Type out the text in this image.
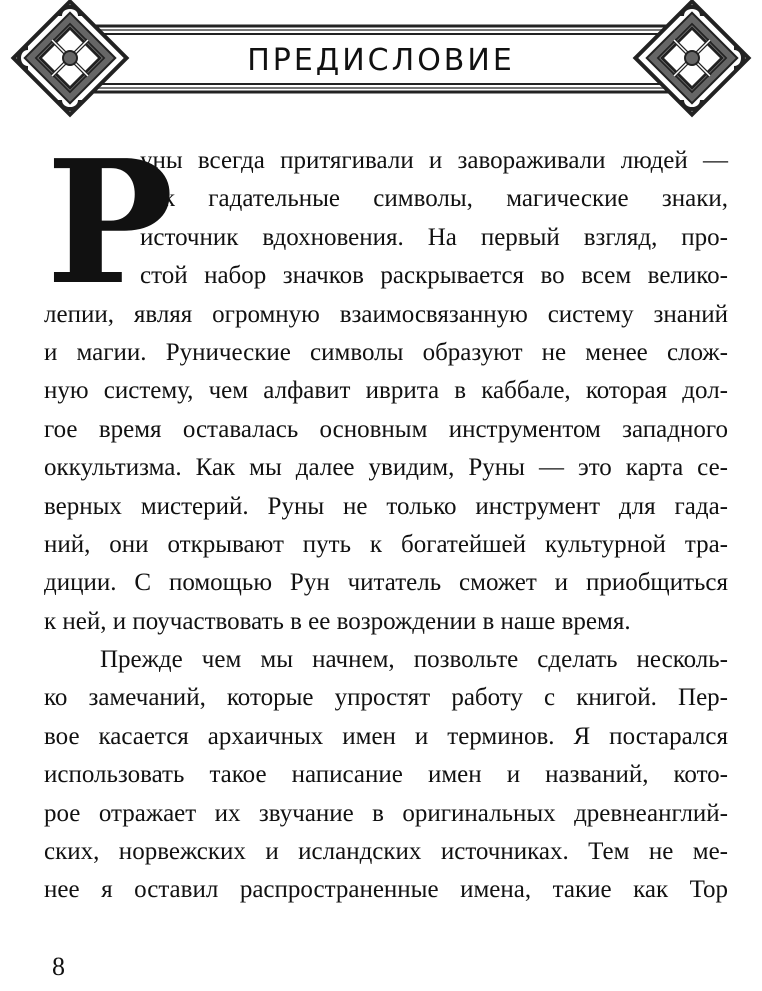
ПРЕДИСЛОВИЕ
Р
уны всегда притягивали и завораживали людей —
как гадательные символы, магические знаки,
источник вдохновения. На первый взгляд, про-
стой набор значков раскрывается во всем велико-
лепии, являя огромную взаимосвязанную систему знаний
и магии. Рунические символы образуют не менее слож-
ную систему, чем алфавит иврита в каббале, которая дол-
гое время оставалась основным инструментом западного
оккультизма. Как мы далее увидим, Руны — это карта се-
верных мистерий. Руны не только инструмент для гада-
ний, они открывают путь к богатейшей культурной тра-
диции. С помощью Рун читатель сможет и приобщиться
к ней, и поучаствовать в ее возрождении в наше время.
Прежде чем мы начнем, позвольте сделать несколь-
ко замечаний, которые упростят работу с книгой. Пер-
вое касается архаичных имен и терминов. Я постарался
использовать такое написание имен и названий, кото-
рое отражает их звучание в оригинальных древнеанглий-
ских, норвежских и исландских источниках. Тем не ме-
нее я оставил распространенные имена, такие как Тор
8
